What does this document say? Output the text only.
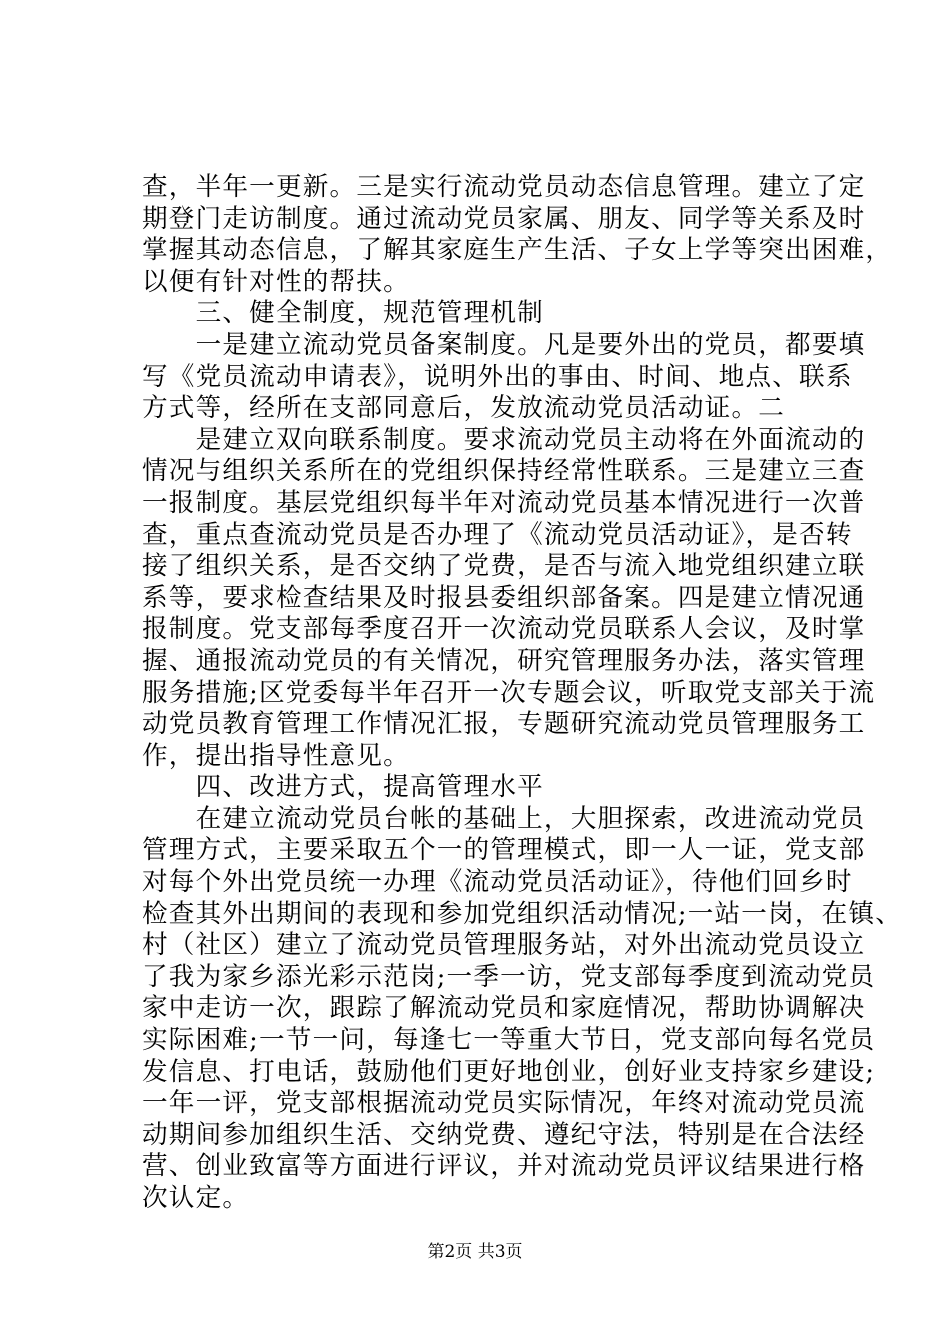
查，半年一更新。三是实行流动党员动态信息管理。建立了定
期登门走访制度。通过流动党员家属、朋友、同学等关系及时
掌握其动态信息，了解其家庭生产生活、子女上学等突出困难，
以便有针对性的帮扶。
　　三、健全制度，规范管理机制
　　一是建立流动党员备案制度。凡是要外出的党员，都要填
写《党员流动申请表》，说明外出的事由、时间、地点、联系
方式等，经所在支部同意后，发放流动党员活动证。二
　　是建立双向联系制度。要求流动党员主动将在外面流动的
情况与组织关系所在的党组织保持经常性联系。三是建立三查
一报制度。基层党组织每半年对流动党员基本情况进行一次普
查，重点查流动党员是否办理了《流动党员活动证》，是否转
接了组织关系，是否交纳了党费，是否与流入地党组织建立联
系等，要求检查结果及时报县委组织部备案。四是建立情况通
报制度。党支部每季度召开一次流动党员联系人会议，及时掌
握、通报流动党员的有关情况，研究管理服务办法，落实管理
服务措施;区党委每半年召开一次专题会议，听取党支部关于流
动党员教育管理工作情况汇报，专题研究流动党员管理服务工
作，提出指导性意见。
　　四、改进方式，提高管理水平
　　在建立流动党员台帐的基础上，大胆探索，改进流动党员
管理方式，主要采取五个一的管理模式，即一人一证，党支部
对每个外出党员统一办理《流动党员活动证》，待他们回乡时
检查其外出期间的表现和参加党组织活动情况;一站一岗，在镇、
村（社区）建立了流动党员管理服务站，对外出流动党员设立
了我为家乡添光彩示范岗;一季一访，党支部每季度到流动党员
家中走访一次，跟踪了解流动党员和家庭情况，帮助协调解决
实际困难;一节一问，每逢七一等重大节日，党支部向每名党员
发信息、打电话，鼓励他们更好地创业，创好业支持家乡建设;
一年一评，党支部根据流动党员实际情况，年终对流动党员流
动期间参加组织生活、交纳党费、遵纪守法，特别是在合法经
营、创业致富等方面进行评议，并对流动党员评议结果进行格
次认定。
第2页 共3页
